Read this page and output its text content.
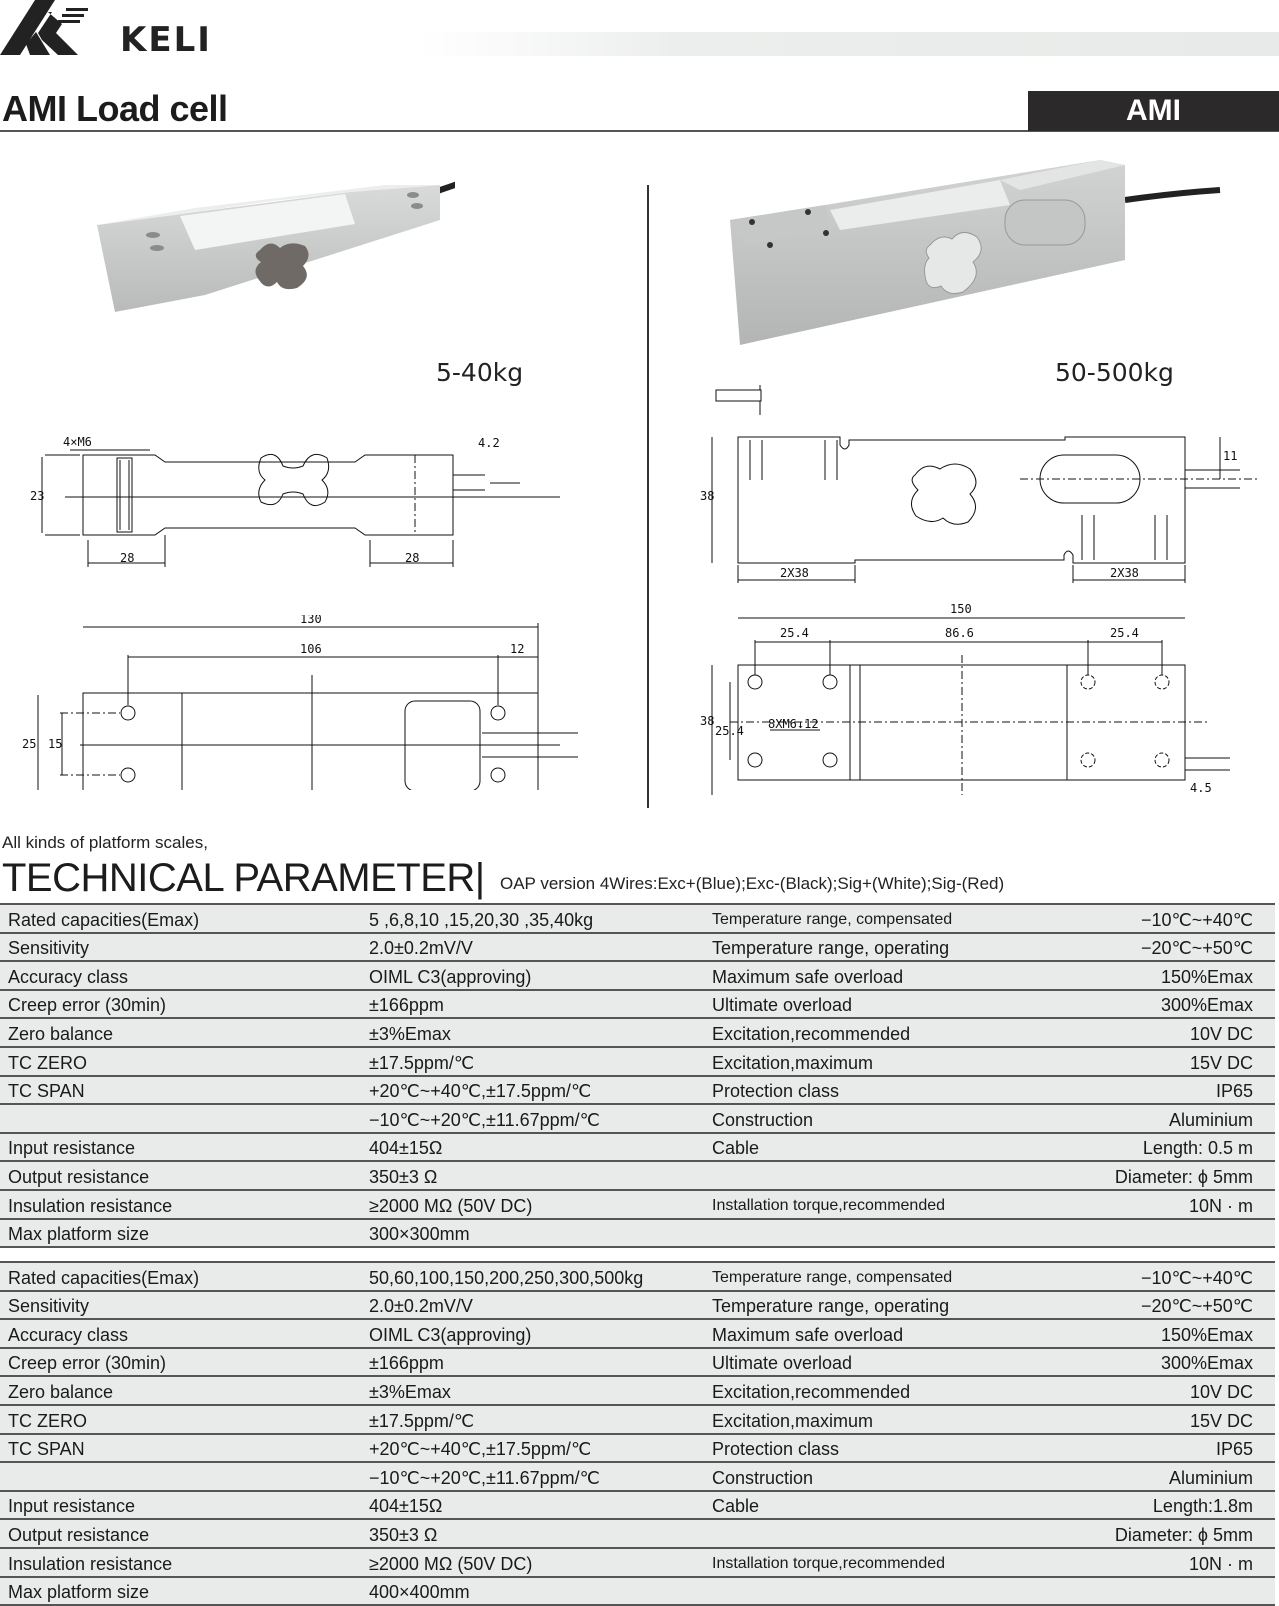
KELI
AMI Load cell	AMI
5-40kg	50-500kg
4×M6	4.2
23
28	28
130
106	12
25 15
38
11
2X38	2X38
150
25.4	86.6	25.4
38
25.4 8XM6↧12
4.5
All kinds of platform scales,
TECHNICAL PARAMETER| OAP version 4Wires:Exc+(Blue);Exc-(Black);Sig+(White);Sig-(Red)
Rated capacities(Emax)	5 ,6,8,10 ,15,20,30 ,35,40kg	Temperature range, compensated	−10℃~+40℃
Sensitivity	2.0±0.2mV/V	Temperature range, operating	−20℃~+50℃
Accuracy class	OIML C3(approving)	Maximum safe overload	150%Emax
Creep error (30min)	±166ppm	Ultimate overload	300%Emax
Zero balance	±3%Emax	Excitation,recommended	10V DC
TC ZERO	±17.5ppm/℃	Excitation,maximum	15V DC
TC SPAN	+20℃~+40℃,±17.5ppm/℃	Protection class	IP65
	−10℃~+20℃,±11.67ppm/℃	Construction	Aluminium
Input resistance	404±15Ω	Cable	Length: 0.5 m
Output resistance	350±3 Ω		Diameter: ϕ 5mm
Insulation resistance	≥2000 MΩ (50V DC)	Installation torque,recommended	10N · m
Max platform size	300×300mm		
Rated capacities(Emax)	50,60,100,150,200,250,300,500kg	Temperature range, compensated	−10℃~+40℃
Sensitivity	2.0±0.2mV/V	Temperature range, operating	−20℃~+50℃
Accuracy class	OIML C3(approving)	Maximum safe overload	150%Emax
Creep error (30min)	±166ppm	Ultimate overload	300%Emax
Zero balance	±3%Emax	Excitation,recommended	10V DC
TC ZERO	±17.5ppm/℃	Excitation,maximum	15V DC
TC SPAN	+20℃~+40℃,±17.5ppm/℃	Protection class	IP65
	−10℃~+20℃,±11.67ppm/℃	Construction	Aluminium
Input resistance	404±15Ω	Cable	Length:1.8m
Output resistance	350±3 Ω		Diameter: ϕ 5mm
Insulation resistance	≥2000 MΩ (50V DC)	Installation torque,recommended	10N · m
Max platform size	400×400mm		
